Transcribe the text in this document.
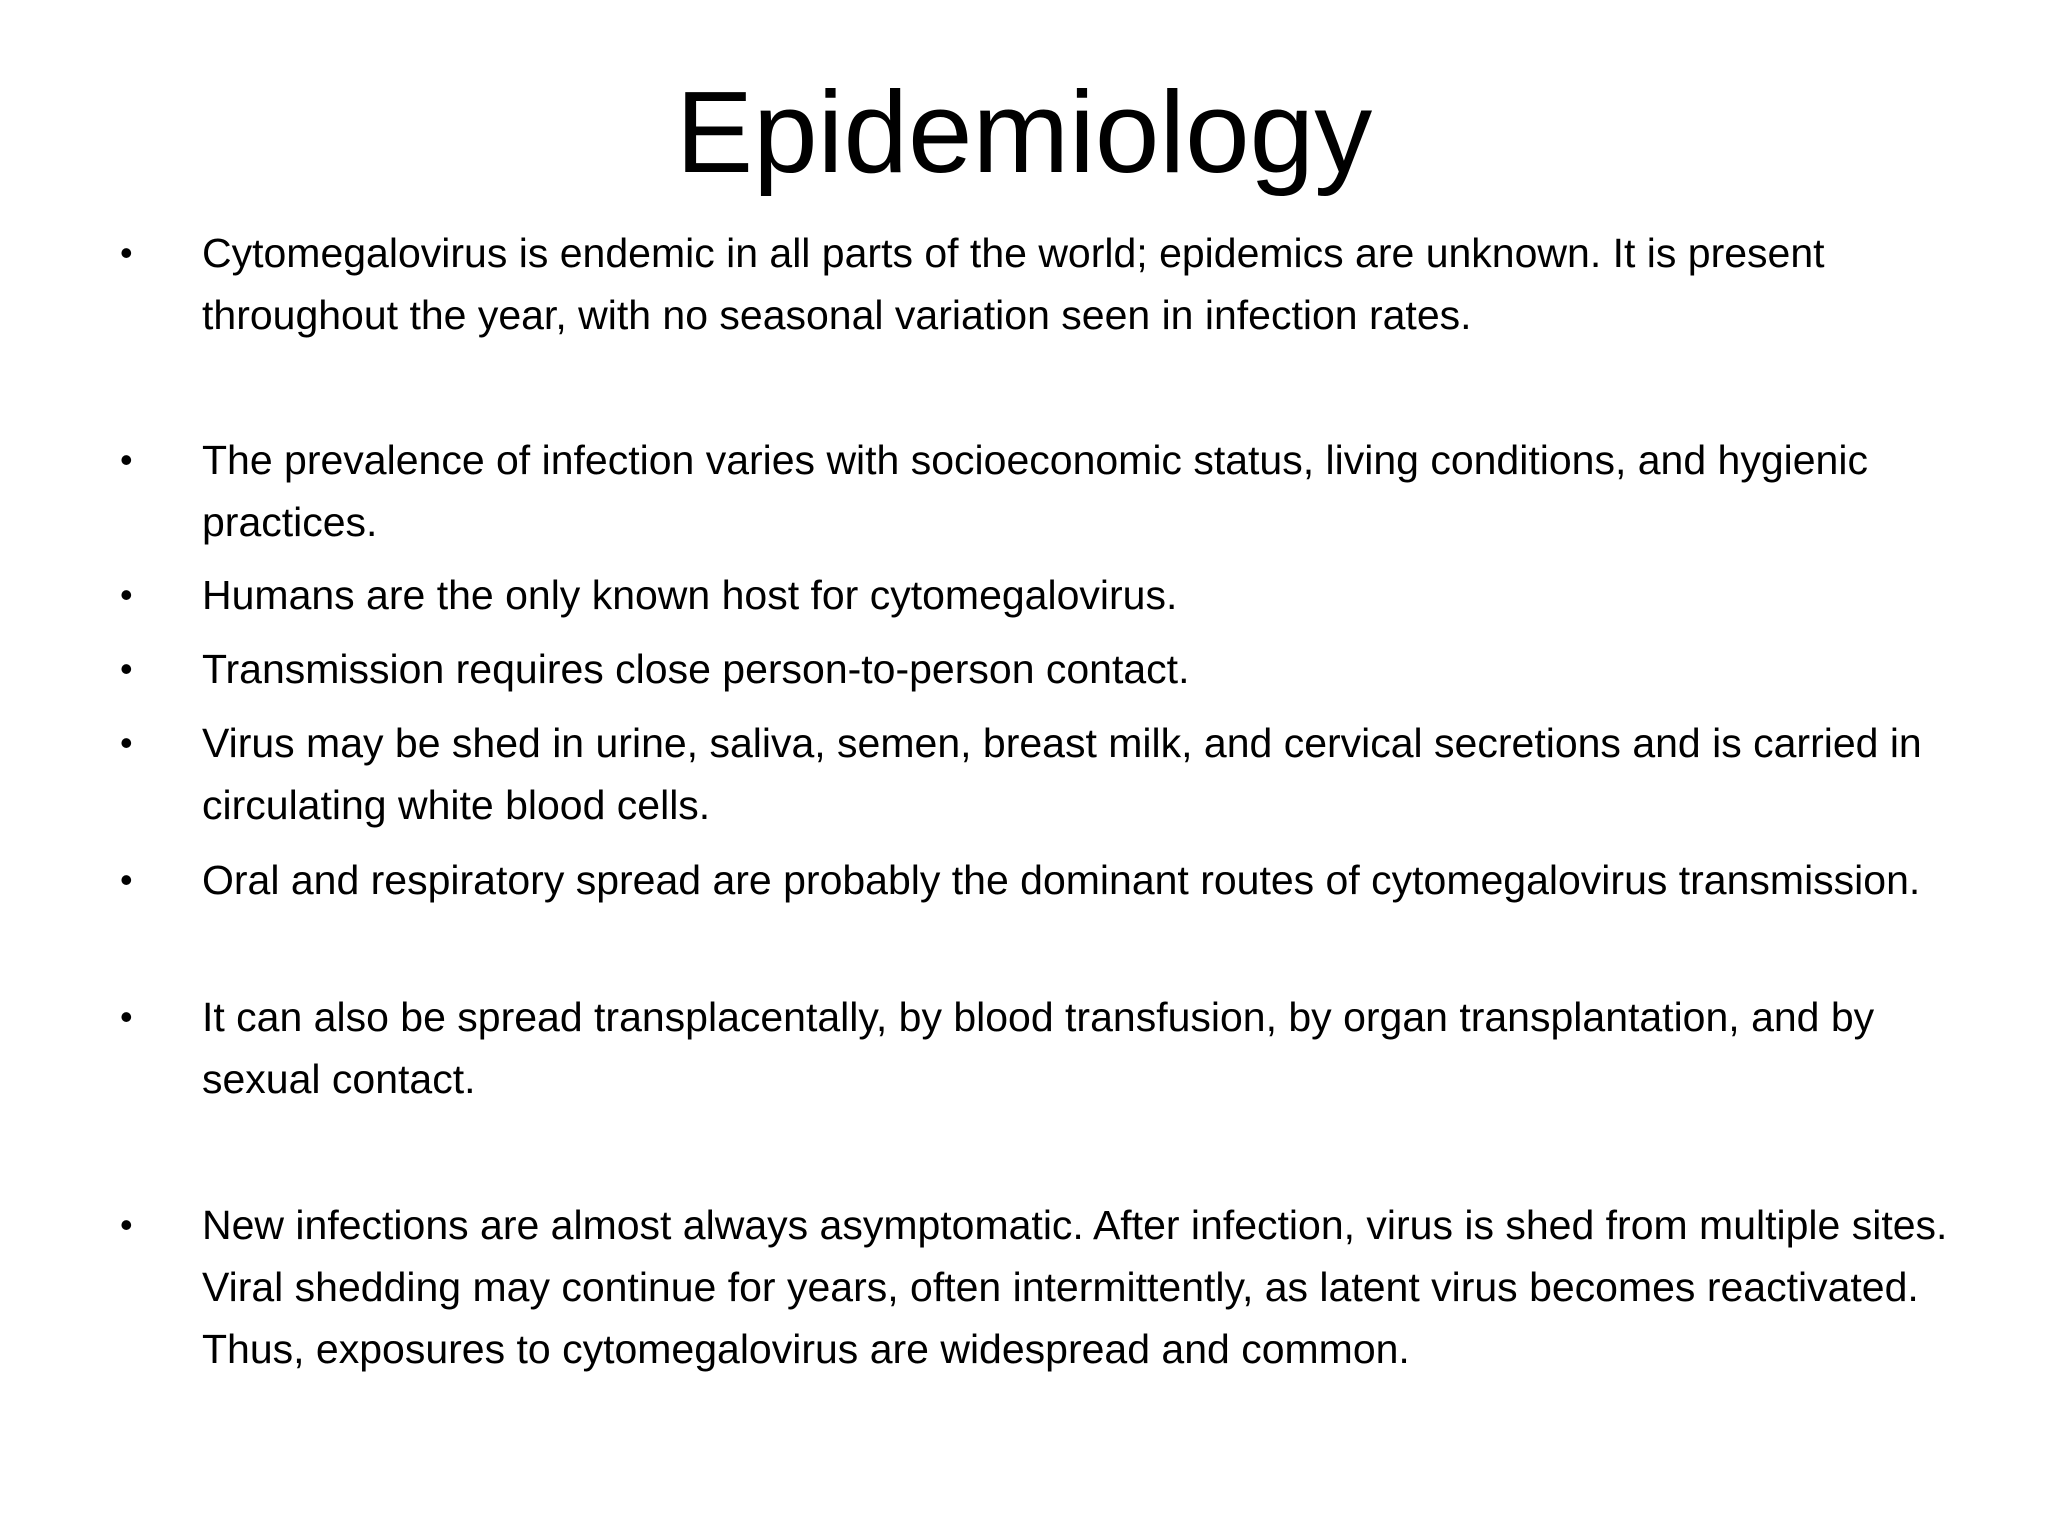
Epidemiology
•	Cytomegalovirus is endemic in all parts of the world; epidemics are unknown. It is present throughout the year, with no seasonal variation seen in infection rates.
•	The prevalence of infection varies with socioeconomic status, living conditions, and hygienic practices.
•	Humans are the only known host for cytomegalovirus.
•	Transmission requires close person-to-person contact.
•	Virus may be shed in urine, saliva, semen, breast milk, and cervical secretions and is carried in circulating white blood cells.
•	Oral and respiratory spread are probably the dominant routes of cytomegalovirus transmission.
•	It can also be spread transplacentally, by blood transfusion, by organ transplantation, and by sexual contact.
•	New infections are almost always asymptomatic. After infection, virus is shed from multiple sites. Viral shedding may continue for years, often intermittently, as latent virus becomes reactivated. Thus, exposures to cytomegalovirus are widespread and common.
